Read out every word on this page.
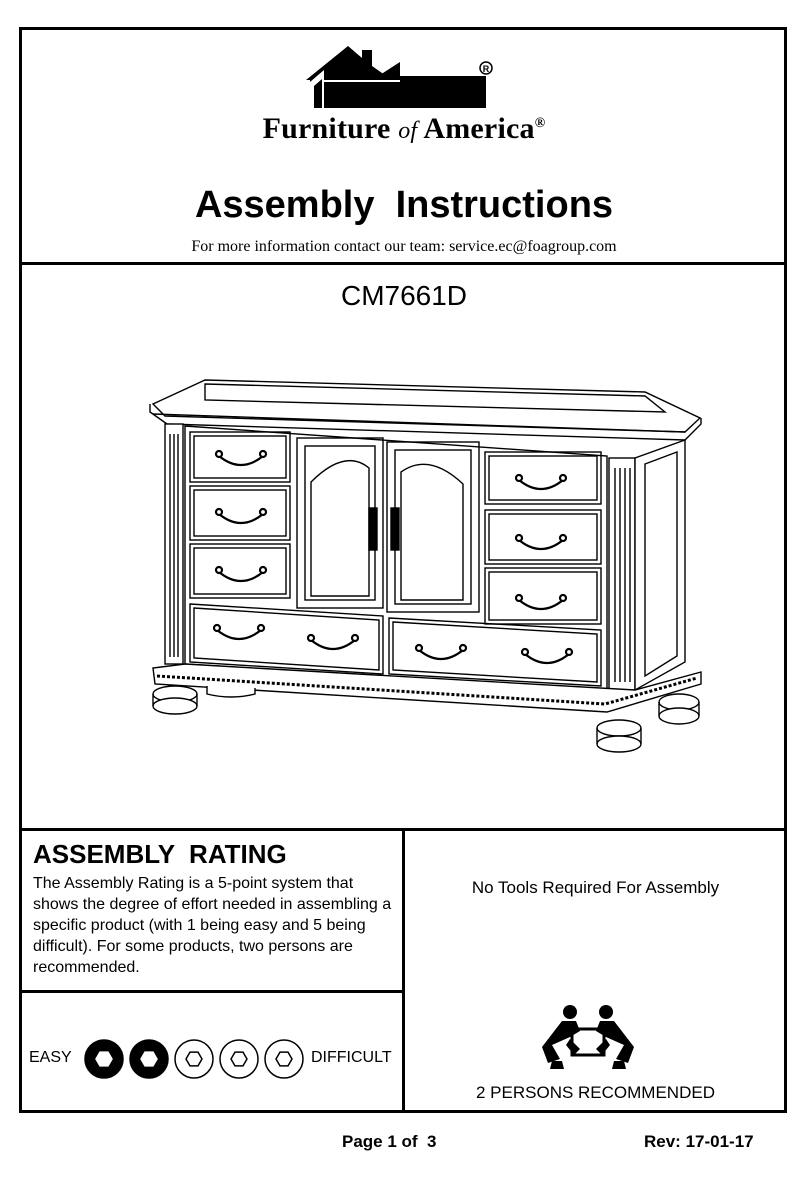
R
Furniture of America®
Assembly  Instructions
For more information contact our team: service.ec@foagroup.com
CM7661D
ASSEMBLY  RATING
The Assembly Rating is a 5-point system that shows the degree of effort needed in assembling a specific product (with 1 being easy and 5 being difficult). For some products, two persons are recommended.
No Tools Required For Assembly
EASY	DIFFICULT
2 PERSONS RECOMMENDED
Page 1 of  3	Rev: 17-01-17
